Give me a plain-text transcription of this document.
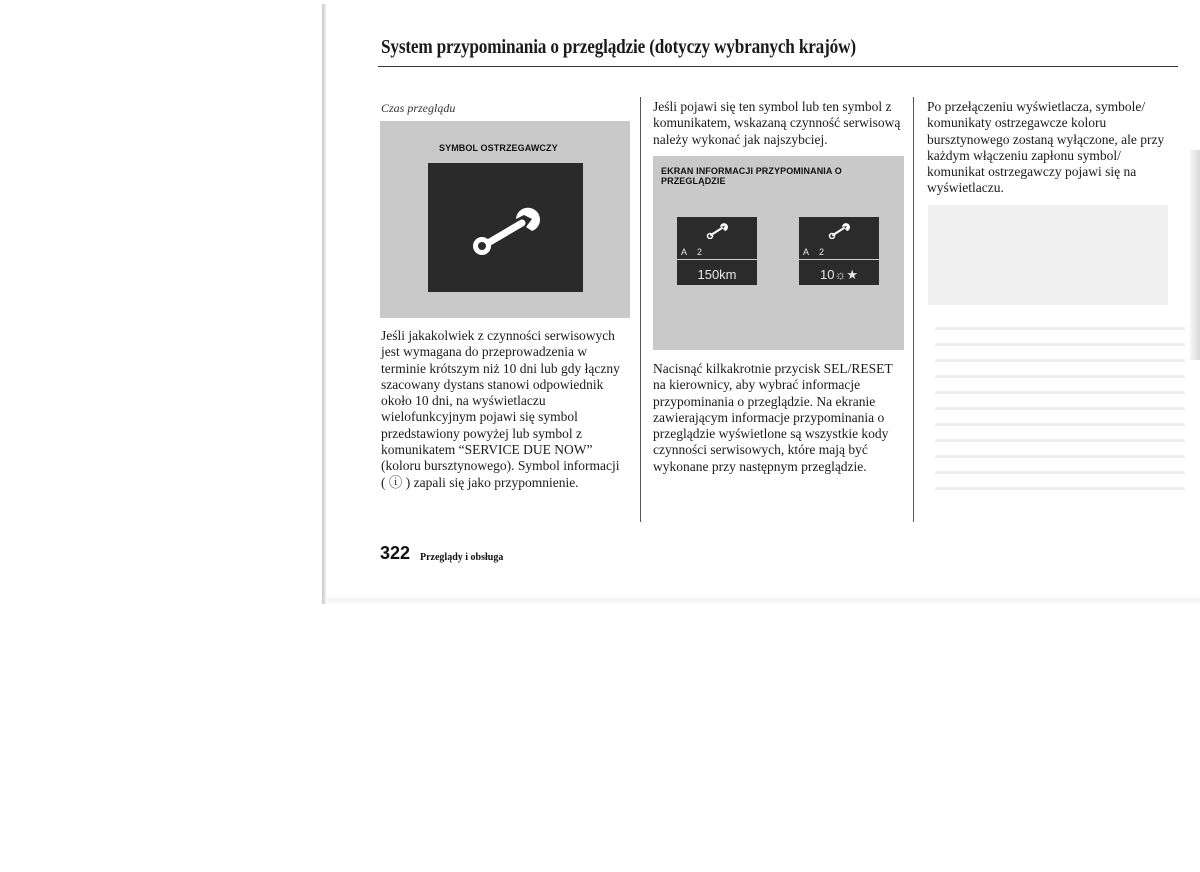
System przypominania o przeglądzie (dotyczy wybranych krajów)
Czas przeglądu
SYMBOL OSTRZEGAWCZY
Jeśli jakakolwiek z czynności serwisowych
jest wymagana do przeprowadzenia w
terminie krótszym niż 10 dni lub gdy łączny
szacowany dystans stanowi odpowiednik
około 10 dni, na wyświetlaczu
wielofunkcyjnym pojawi się symbol
przedstawiony powyżej lub symbol z
komunikatem “SERVICE DUE NOW”
(koloru bursztynowego). Symbol informacji
( ⓘ ) zapali się jako przypomnienie.
Jeśli pojawi się ten symbol lub ten symbol z
komunikatem, wskazaną czynność serwisową
należy wykonać jak najszybciej.
EKRAN INFORMACJI PRZYPOMINANIA O
PRZEGLĄDZIE
A 2
150km
A 2
10☼★
Nacisnąć kilkakrotnie przycisk SEL/RESET
na kierownicy, aby wybrać informacje
przypominania o przeglądzie. Na ekranie
zawierającym informacje przypominania o
przeglądzie wyświetlone są wszystkie kody
czynności serwisowych, które mają być
wykonane przy następnym przeglądzie.
Po przełączeniu wyświetlacza, symbole/
komunikaty ostrzegawcze koloru
bursztynowego zostaną wyłączone, ale przy
każdym włączeniu zapłonu symbol/
komunikat ostrzegawczy pojawi się na
wyświetlaczu.
322 Przeglądy i obsługa
